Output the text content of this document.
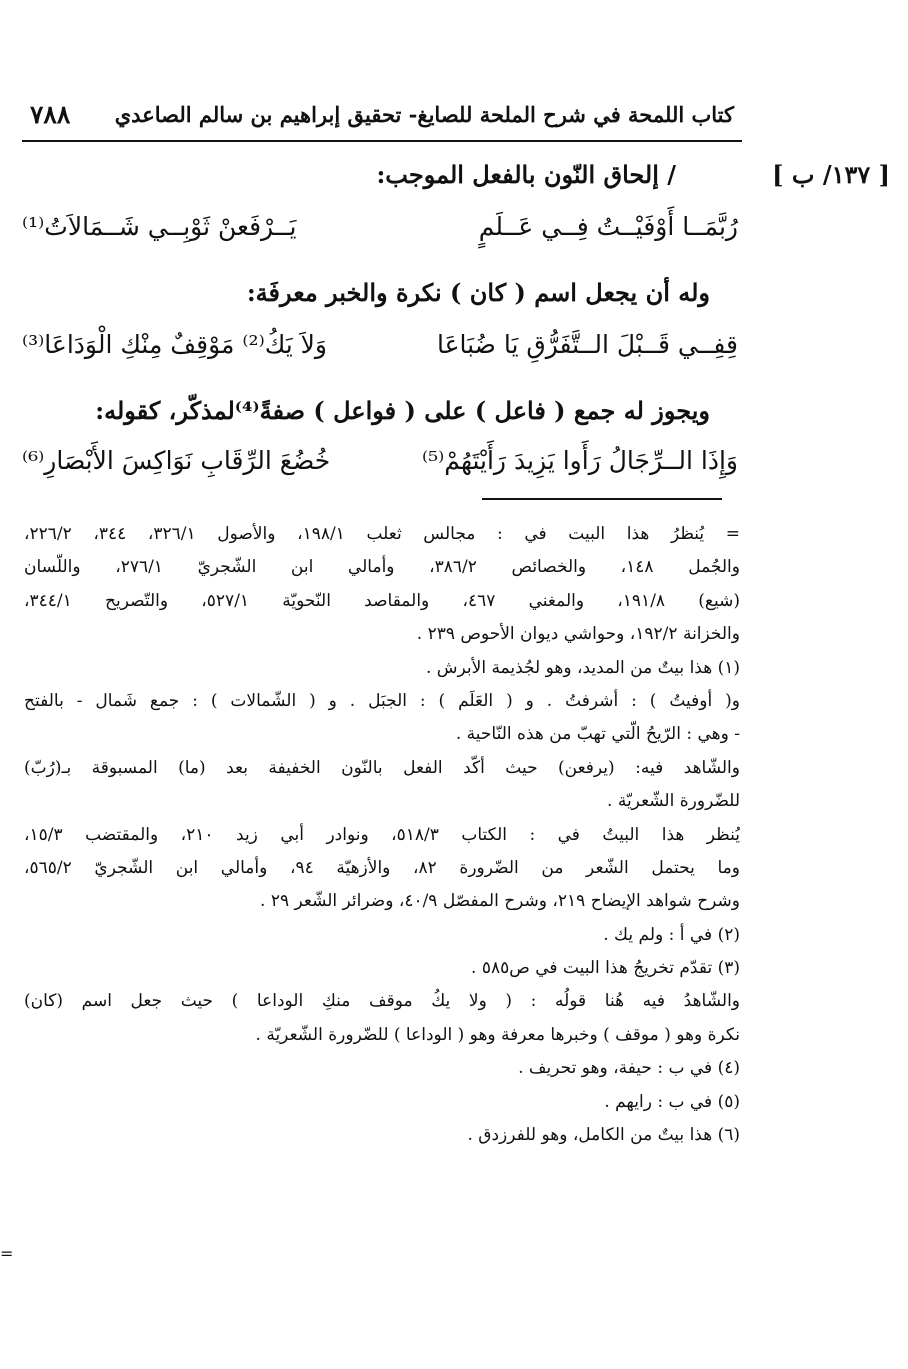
كتاب اللمحة في شرح الملحة للصايغ- تحقيق إبراهيم بن سالم الصاعدي
٧٨٨
[ ١٣٧/ ب ]
/ إلحاق النّون بالفعل الموجب:
رُبَّمَــا أَوْفَيْــتُ فِــي عَــلَمٍ
يَــرْفَعنْ ثَوْبِــي شَــمَالاَتُ⁽¹⁾
وله أن يجعل اسم ( كان ) نكرة والخبر معرفَة:
قِفِــي قَــبْلَ الــتَّفَرُّقِ يَا ضُبَاعَا
وَلاَ يَكُ⁽²⁾ مَوْقِفٌ مِنْكِ الْوَدَاعَا⁽³⁾
ويجوز له جمع ( فاعل ) على ( فواعل ) صفةً⁽⁴⁾لمذكّر، كقوله:
وَإِذَا الــرِّجَالُ رَأَوا يَزِيدَ رَأَيْتَهُمْ⁽⁵⁾
خُضُعَ الرِّقَابِ نَوَاكِسَ الأَبْصَارِ⁽⁶⁾
= يُنظرُ هذا البيت في : مجالس ثعلب ١٩٨/١، والأصول ٣٢٦/١، ٣٤٤، ٢٢٦/٢،
والجُمل ١٤٨، والخصائص ٣٨٦/٢، وأمالي ابن الشّجريّ ٢٧٦/١، واللّسان
(شيع) ١٩١/٨، والمغني ٤٦٧، والمقاصد النّحويّة ٥٢٧/١، والتّصريح ٣٤٤/١،
والخزانة ١٩٢/٢، وحواشي ديوان الأحوص ٢٣٩ .
(١) هذا بيتٌ من المديد، وهو لجُذيمة الأبرش .
و( أوفيتُ ) : أشرفتُ . و ( العَلَم ) : الجبَل . و ( الشّمالات ) : جمع شَمال - بالفتح
- وهي : الرّيحُ الّتي تهبّ من هذه النّاحية .
والشّاهد فيه: (يرفعن) حيث أكّد الفعل بالنّون الخفيفة بعد (ما) المسبوقة بـ(رُبّ)
للضّرورة الشّعريّة .
يُنظر هذا البيتُ في : الكتاب ٥١٨/٣، ونوادر أبي زيد ٢١٠، والمقتضب ١٥/٣،
وما يحتمل الشّعر من الضّرورة ٨٢، والأزهيّة ٩٤، وأمالي ابن الشّجريّ ٥٦٥/٢،
وشرح شواهد الإيضاح ٢١٩، وشرح المفصّل ٤٠/٩، وضرائر الشّعر ٢٩ .
(٢) في أ : ولم يك .
(٣) تقدّم تخريجُ هذا البيت في ص٥٨٥ .
والشّاهدُ فيه هُنا قولُه : ( ولا يكُ موقف منكِ الوداعا ) حيث جعل اسم (كان)
نكرة وهو ( موقف ) وخبرها معرفة وهو ( الوداعا ) للضّرورة الشّعريّة .
(٤) في ب : حيفة، وهو تحريف .
(٥) في ب : رايهم .
(٦) هذا بيتٌ من الكامل، وهو للفرزدق .
=
